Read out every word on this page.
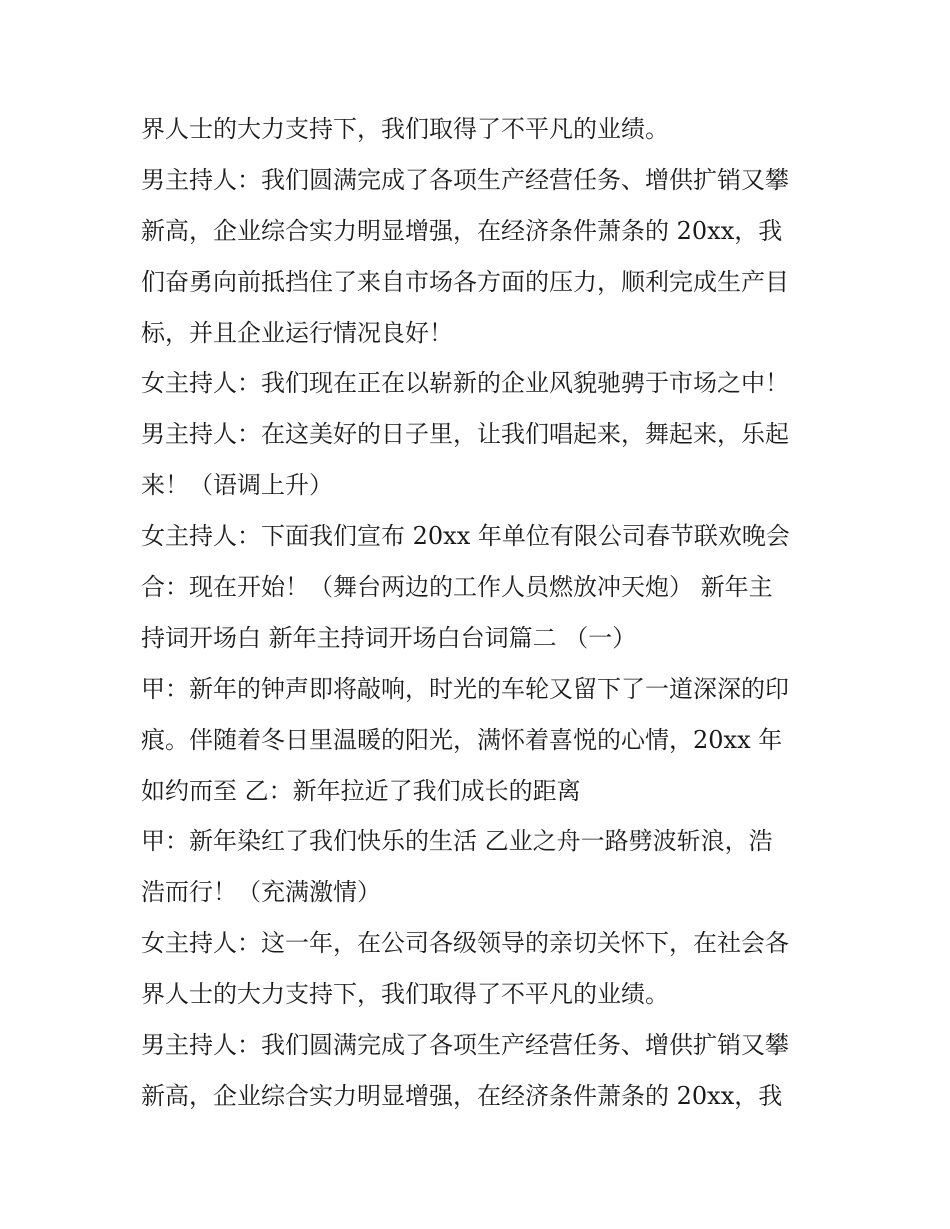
界人士的大力支持下，我们取得了不平凡的业绩。
男主持人：我们圆满完成了各项生产经营任务、增供扩销又攀
新高，企业综合实力明显增强，在经济条件萧条的 20xx，我
们奋勇向前抵挡住了来自市场各方面的压力，顺利完成生产目
标，并且企业运行情况良好！
女主持人：我们现在正在以崭新的企业风貌驰骋于市场之中！
男主持人：在这美好的日子里，让我们唱起来，舞起来，乐起
来！（语调上升）
女主持人：下面我们宣布 20xx 年单位有限公司春节联欢晚会
合：现在开始！（舞台两边的工作人员燃放冲天炮） 新年主
持词开场白 新年主持词开场白台词篇二 （一）
甲：新年的钟声即将敲响，时光的车轮又留下了一道深深的印
痕。伴随着冬日里温暖的阳光，满怀着喜悦的心情，20xx 年
如约而至 乙：新年拉近了我们成长的距离
甲：新年染红了我们快乐的生活 乙业之舟一路劈波斩浪，浩
浩而行！（充满激情）
女主持人：这一年，在公司各级领导的亲切关怀下，在社会各
界人士的大力支持下，我们取得了不平凡的业绩。
男主持人：我们圆满完成了各项生产经营任务、增供扩销又攀
新高，企业综合实力明显增强，在经济条件萧条的 20xx，我
